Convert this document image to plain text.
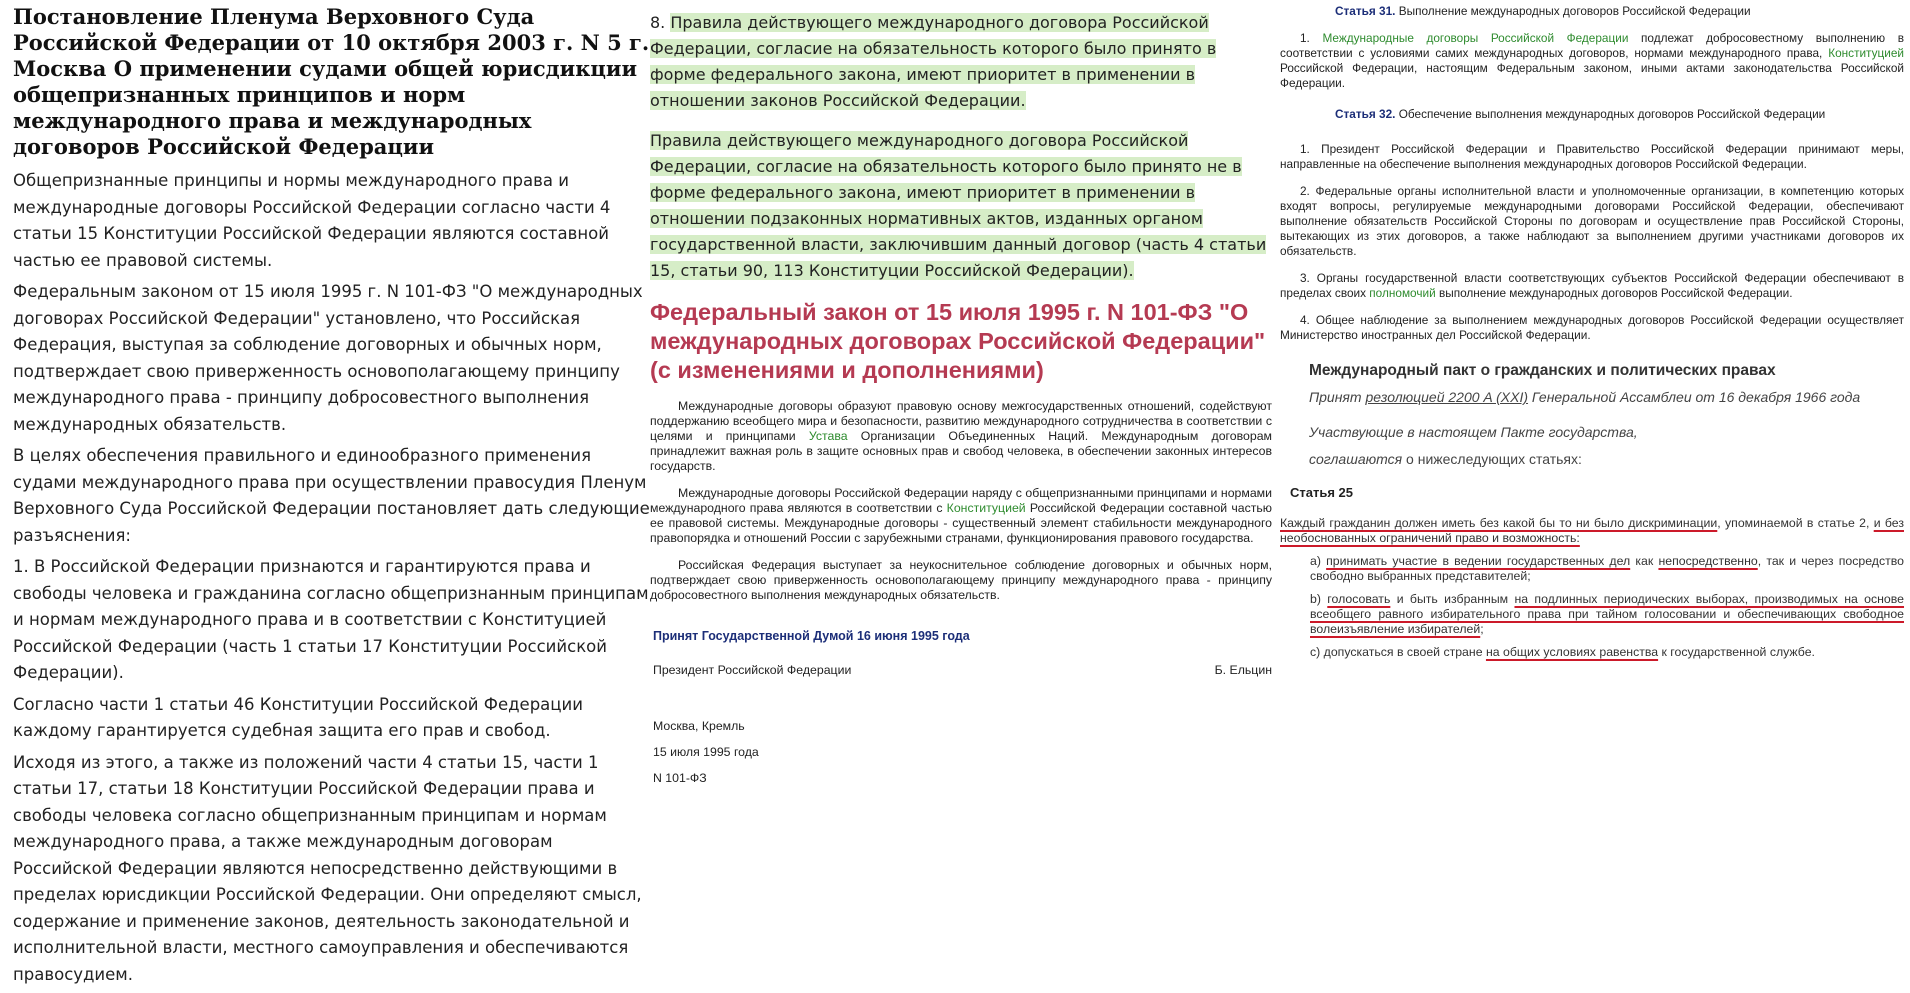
Постановление Пленума Верховного Суда Российской Федерации от 10 октября 2003 г. N 5 г. Москва О применении судами общей юрисдикции общепризнанных принципов и норм международного права и международных договоров Российской Федерации

Общепризнанные принципы и нормы международного права и международные договоры Российской Федерации согласно части 4 статьи 15 Конституции Российской Федерации являются составной частью ее правовой системы.

Федеральным законом от 15 июля 1995 г. N 101-ФЗ "О международных договорах Российской Федерации" установлено, что Российская Федерация, выступая за соблюдение договорных и обычных норм, подтверждает свою приверженность основополагающему принципу международного права - принципу добросовестного выполнения международных обязательств.

В целях обеспечения правильного и единообразного применения судами международного права при осуществлении правосудия Пленум Верховного Суда Российской Федерации постановляет дать следующие разъяснения:

1. В Российской Федерации признаются и гарантируются права и свободы человека и гражданина согласно общепризнанным принципам и нормам международного права и в соответствии с Конституцией Российской Федерации (часть 1 статьи 17 Конституции Российской Федерации).

Согласно части 1 статьи 46 Конституции Российской Федерации каждому гарантируется судебная защита его прав и свобод.

Исходя из этого, а также из положений части 4 статьи 15, части 1 статьи 17, статьи 18 Конституции Российской Федерации права и свободы человека согласно общепризнанным принципам и нормам международного права, а также международным договорам Российской Федерации являются непосредственно действующими в пределах юрисдикции Российской Федерации. Они определяют смысл, содержание и применение законов, деятельность законодательной и исполнительной власти, местного самоуправления и обеспечиваются правосудием.

8. Правила действующего международного договора Российской Федерации, согласие на обязательность которого было принято в форме федерального закона, имеют приоритет в применении в отношении законов Российской Федерации.
Правила действующего международного договора Российской Федерации, согласие на обязательность которого было принято не в форме федерального закона, имеют приоритет в применении в отношении подзаконных нормативных актов, изданных органом государственной власти, заключившим данный договор (часть 4 статьи 15, статьи 90, 113 Конституции Российской Федерации).
Федеральный закон от 15 июля 1995 г. N 101-ФЗ "О международных договорах Российской Федерации" (с изменениями и дополнениями)

Международные договоры образуют правовую основу межгосударственных отношений, содействуют поддержанию всеобщего мира и безопасности, развитию международного сотрудничества в соответствии с целями и принципами Устава Организации Объединенных Наций. Международным договорам принадлежит важная роль в защите основных прав и свобод человека, в обеспечении законных интересов государств.

Международные договоры Российской Федерации наряду с общепризнанными принципами и нормами международного права являются в соответствии с Конституцией Российской Федерации составной частью ее правовой системы. Международные договоры - существенный элемент стабильности международного правопорядка и отношений России с зарубежными странами, функционирования правового государства.

Российская Федерация выступает за неукоснительное соблюдение договорных и обычных норм, подтверждает свою приверженность основополагающему принципу международного права - принципу добросовестного выполнения международных обязательств.

Принят Государственной Думой 16 июня 1995 года
Президент Российской Федерации	Б. Ельцин
Москва, Кремль
15 июля 1995 года
N 101-ФЗ
Статья 31. Выполнение международных договоров Российской Федерации

1. Международные договоры Российской Федерации подлежат добросовестному выполнению в соответствии с условиями самих международных договоров, нормами международного права, Конституцией Российской Федерации, настоящим Федеральным законом, иными актами законодательства Российской Федерации.

Статья 32. Обеспечение выполнения международных договоров Российской Федерации

1. Президент Российской Федерации и Правительство Российской Федерации принимают меры, направленные на обеспечение выполнения международных договоров Российской Федерации.

2. Федеральные органы исполнительной власти и уполномоченные организации, в компетенцию которых входят вопросы, регулируемые международными договорами Российской Федерации, обеспечивают выполнение обязательств Российской Стороны по договорам и осуществление прав Российской Стороны, вытекающих из этих договоров, а также наблюдают за выполнением другими участниками договоров их обязательств.

3. Органы государственной власти соответствующих субъектов Российской Федерации обеспечивают в пределах своих полномочий выполнение международных договоров Российской Федерации.

4. Общее наблюдение за выполнением международных договоров Российской Федерации осуществляет Министерство иностранных дел Российской Федерации.

Международный пакт о гражданских и политических правах
Принят резолюцией 2200 A (XXI) Генеральной Ассамблеи от 16 декабря 1966 года
Участвующие в настоящем Пакте государства,
соглашаются о нижеследующих статьях:
Статья 25

Каждый гражданин должен иметь без какой бы то ни было дискриминации, упоминаемой в статье 2, и без необоснованных ограничений право и возможность:

a) принимать участие в ведении государственных дел как непосредственно, так и через посредство свободно выбранных представителей;

b) голосовать и быть избранным на подлинных периодических выборах, производимых на основе всеобщего равного избирательного права при тайном голосовании и обеспечивающих свободное волеизъявление избирателей;

c) допускаться в своей стране на общих условиях равенства к государственной службе.
